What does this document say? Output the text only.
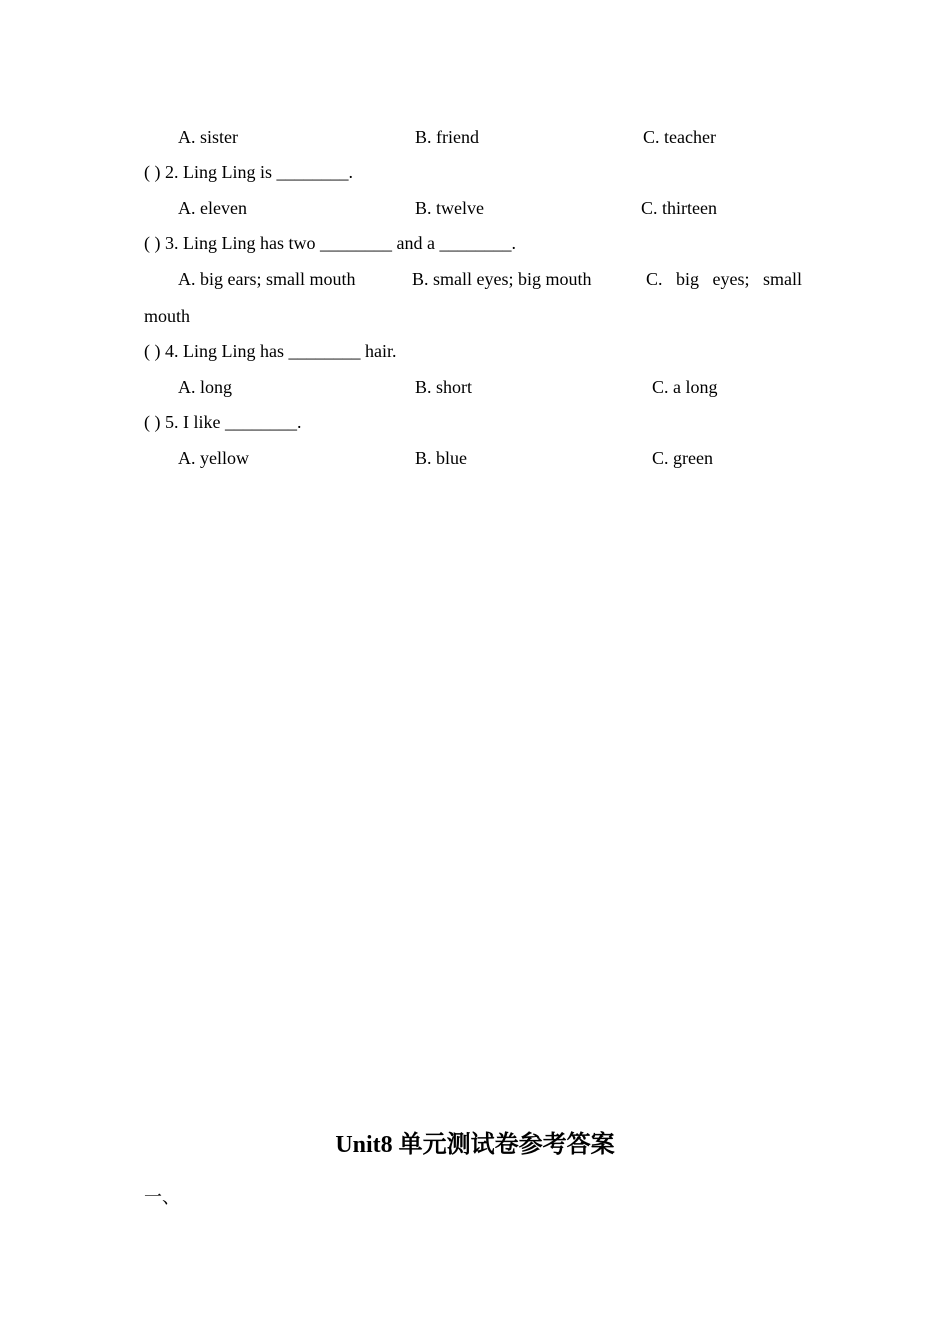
A. sister	B. friend	C. teacher
( ) 2. Ling Ling is ________.
A. eleven	B. twelve	C. thirteen
( ) 3. Ling Ling has two ________ and a ________.
A. big ears; small mouth	B. small eyes; big mouth	C.   big   eyes;   small
mouth
( ) 4. Ling Ling has ________ hair.
A. long	B. short	C. a long
( ) 5. I like ________.
A. yellow	B. blue	C. green
Unit8 单元测试卷参考答案
一、
